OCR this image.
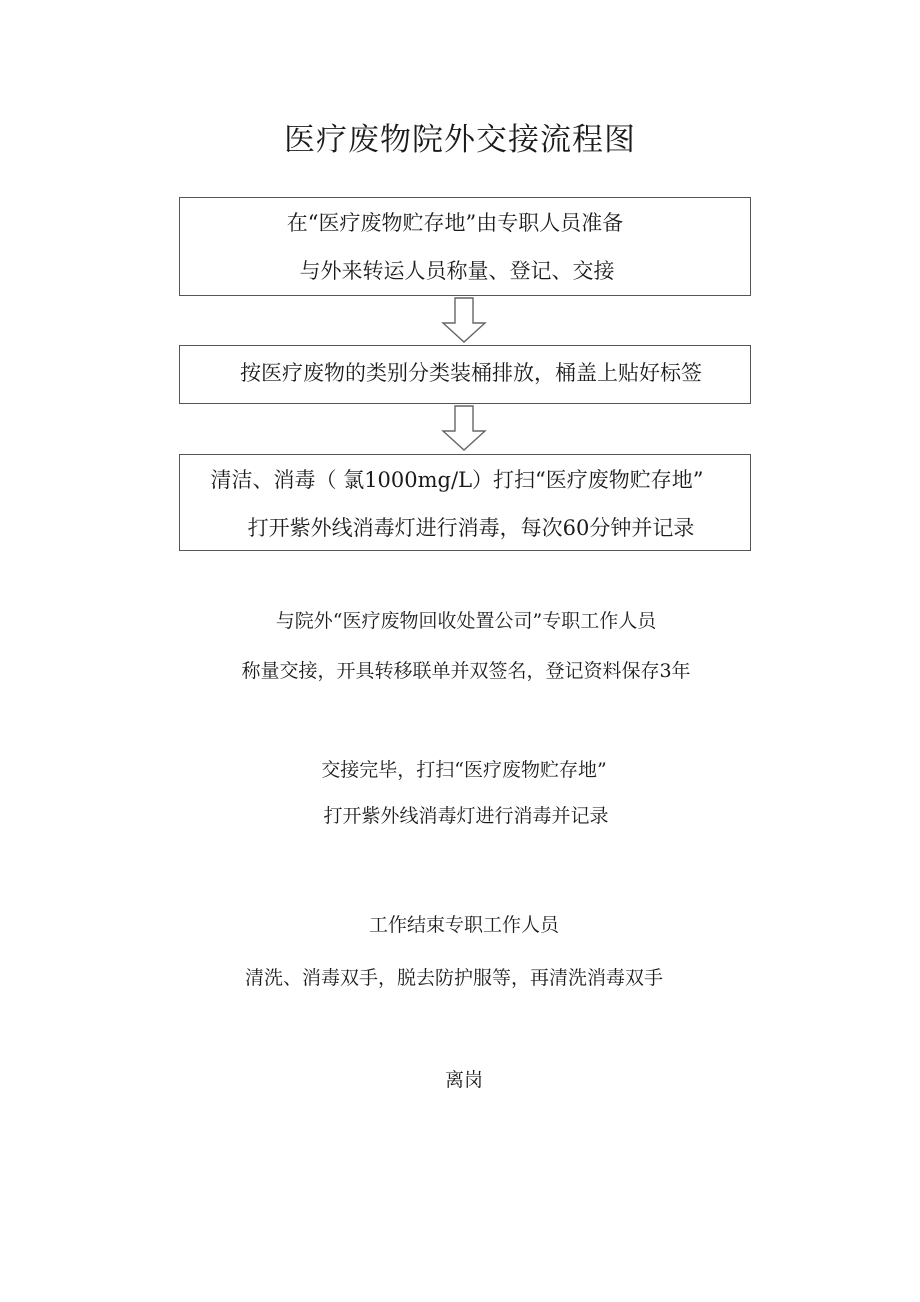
医疗废物院外交接流程图
在“医疗废物贮存地”由专职人员准备
与外来转运人员称量、登记、交接
按医疗废物的类别分类装桶排放，桶盖上贴好标签
清洁、消毒（ 氯1000mg/L）打扫“医疗废物贮存地”
打开紫外线消毒灯进行消毒，每次60分钟并记录
与院外“医疗废物回收处置公司”专职工作人员
称量交接，开具转移联单并双签名，登记资料保存3年
交接完毕，打扫“医疗废物贮存地”
打开紫外线消毒灯进行消毒并记录
工作结束专职工作人员
清洗、消毒双手，脱去防护服等，再清洗消毒双手
离岗
